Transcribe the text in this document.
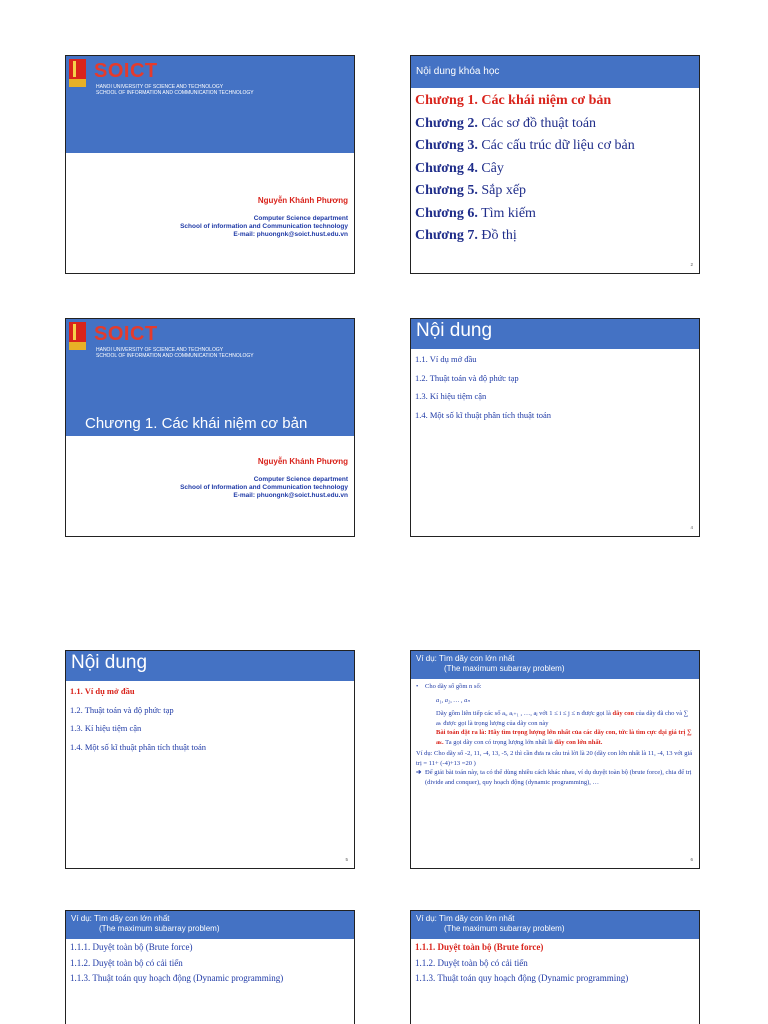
SOICT
HANOI UNIVERSITY OF SCIENCE AND TECHNOLOGY
SCHOOL OF INFORMATION AND COMMUNICATION TECHNOLOGY
Cấu trúc dữ liệu và thuật toán
Nguyễn Khánh Phương
Computer Science department
School of information and Communication technology
E-mail: phuongnk@soict.hust.edu.vn
Nội dung khóa học
Chương 1. Các khái niệm cơ bản
Chương 2. Các sơ đồ thuật toán
Chương 3. Các cấu trúc dữ liệu cơ bản
Chương 4. Cây
Chương 5. Sắp xếp
Chương 6. Tìm kiếm
Chương 7. Đồ thị
2
SOICT
HANOI UNIVERSITY OF SCIENCE AND TECHNOLOGY
SCHOOL OF INFORMATION AND COMMUNICATION TECHNOLOGY
Chương 1. Các khái niệm cơ bản
Nguyễn Khánh Phương
Computer Science department
School of Information and Communication technology
E-mail: phuongnk@soict.hust.edu.vn
Nội dung
1.1. Ví dụ mở đầu
1.2. Thuật toán và độ phức tạp
1.3. Kí hiệu tiệm cận
1.4. Một số kĩ thuật phân tích thuật toán
4
Nội dung
1.1. Ví dụ mở đầu
1.2. Thuật toán và độ phức tạp
1.3. Kí hiệu tiệm cận
1.4. Một số kĩ thuật phân tích thuật toán
5
Ví dụ: Tìm dãy con lớn nhất
(The maximum subarray problem)
• Cho dãy số gồm n số:
a₁, a₂, … , aₙ
Dãy gồm liên tiếp các số aᵢ, aᵢ₊₁ , …, aⱼ với 1 ≤ i ≤ j ≤ n được gọi là dãy con của dãy đã cho và ∑ aₖ được gọi là trọng lượng của dãy con này
Bài toán đặt ra là: Hãy tìm trọng lượng lớn nhất của các dãy con, tức là tìm cực đại giá trị ∑ aₖ. Ta gọi dãy con có trọng lượng lớn nhất là dãy con lớn nhất.
Ví dụ: Cho dãy số -2, 11, -4, 13, -5, 2 thì cần đưa ra câu trả lời là 20 (dãy con lớn nhất là 11, -4, 13 với giá trị = 11+ (-4)+13 =20 )
➔ Để giải bài toán này, ta có thể dùng nhiều cách khác nhau, ví dụ duyệt toàn bộ (brute force), chia để trị (divide and conquer), quy hoạch động (dynamic programming), …
6
Ví dụ: Tìm dãy con lớn nhất
(The maximum subarray problem)
1.1.1. Duyệt toàn bộ (Brute force)
1.1.2. Duyệt toàn bộ có cải tiến
1.1.3. Thuật toán quy hoạch động (Dynamic programming)
Ví dụ: Tìm dãy con lớn nhất
(The maximum subarray problem)
1.1.1. Duyệt toàn bộ (Brute force)
1.1.2. Duyệt toàn bộ có cải tiến
1.1.3. Thuật toán quy hoạch động (Dynamic programming)
